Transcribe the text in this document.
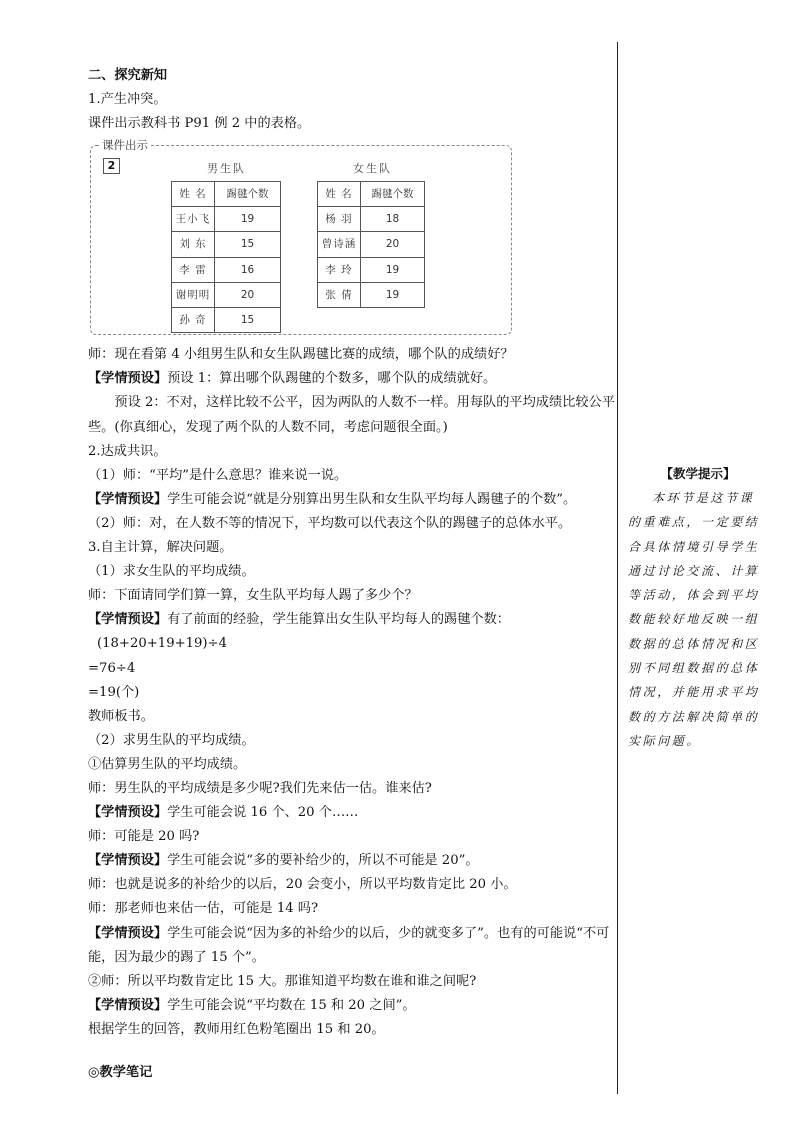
二、探究新知

1.产生冲突。

课件出示教科书 P91 例 2 中的表格。

课件出示
2	男生队
姓 名	踢毽个数
王小飞	19
刘 东	15
李 雷	16
谢明明	20
孙 奇	15
女生队
姓 名	踢毽个数
杨 羽	18
曾诗涵	20
李 玲	19
张 倩	19

师：现在看第 4 小组男生队和女生队踢毽比赛的成绩，哪个队的成绩好？

【学情预设】预设 1：算出哪个队踢毽的个数多，哪个队的成绩就好。

预设 2：不对，这样比较不公平，因为两队的人数不一样。用每队的平均成绩比较公平些。(你真细心，发现了两个队的人数不同，考虑问题很全面。)

2.达成共识。

（1）师：“平均”是什么意思？谁来说一说。

【学情预设】学生可能会说“就是分别算出男生队和女生队平均每人踢毽子的个数”。

（2）师：对，在人数不等的情况下，平均数可以代表这个队的踢毽子的总体水平。

3.自主计算，解决问题。

（1）求女生队的平均成绩。

师：下面请同学们算一算，女生队平均每人踢了多少个？

【学情预设】有了前面的经验，学生能算出女生队平均每人的踢毽个数：

(18+20+19+19)÷4

=76÷4

=19(个)

教师板书。

（2）求男生队的平均成绩。

①估算男生队的平均成绩。

师：男生队的平均成绩是多少呢?我们先来估一估。谁来估?

【学情预设】学生可能会说 16 个、20 个……

师：可能是 20 吗?

【学情预设】学生可能会说“多的要补给少的，所以不可能是 20”。

师：也就是说多的补给少的以后，20 会变小，所以平均数肯定比 20 小。

师：那老师也来估一估，可能是 14 吗?

【学情预设】学生可能会说“因为多的补给少的以后，少的就变多了”。也有的可能说“不可能，因为最少的踢了 15 个”。

②师：所以平均数肯定比 15 大。那谁知道平均数在谁和谁之间呢?

【学情预设】学生可能会说“平均数在 15 和 20 之间”。

根据学生的回答，教师用红色粉笔圈出 15 和 20。

◎教学笔记

【教学提示】
本环节是这节课的重难点，一定要结合具体情境引导学生通过讨论交流、计算等活动，体会到平均数能较好地反映一组数据的总体情况和区别不同组数据的总体情况，并能用求平均数的方法解决简单的实际问题。
